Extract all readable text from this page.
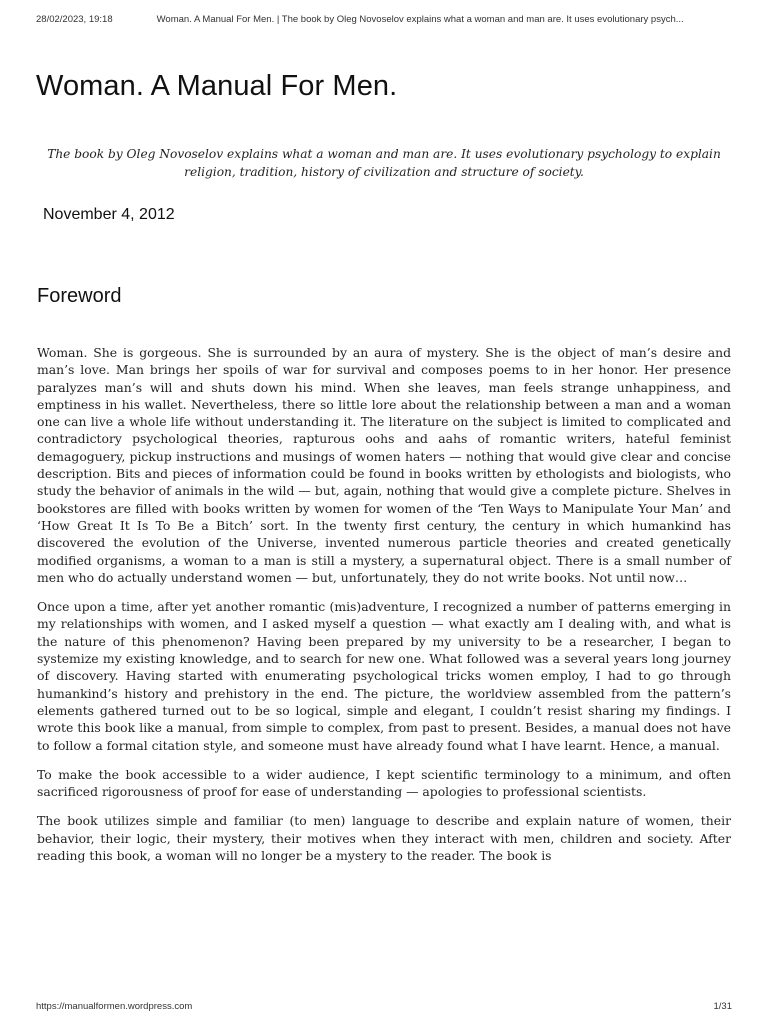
28/02/2023, 19:18	Woman. A Manual For Men. | The book by Oleg Novoselov explains what a woman and man are. It uses evolutionary psych...
Woman. A Manual For Men.

The book by Oleg Novoselov explains what a woman and man are. It uses evolutionary psychology to explain religion, tradition, history of civilization and structure of society.

November 4, 2012
Foreword

Woman. She is gorgeous. She is surrounded by an aura of mystery. She is the object of man’s desire and man’s love. Man brings her spoils of war for survival and composes poems to in her honor. Her presence paralyzes man’s will and shuts down his mind. When she leaves, man feels strange unhappiness, and emptiness in his wallet. Nevertheless, there so little lore about the relationship between a man and a woman one can live a whole life without understanding it. The literature on the subject is limited to complicated and contradictory psychological theories, rapturous oohs and aahs of romantic writers, hateful feminist demagoguery, pickup instructions and musings of women haters — nothing that would give clear and concise description. Bits and pieces of information could be found in books written by ethologists and biologists, who study the behavior of animals in the wild — but, again, nothing that would give a complete picture. Shelves in bookstores are filled with books written by women for women of the ‘Ten Ways to Manipulate Your Man’ and ‘How Great It Is To Be a Bitch’ sort. In the twenty first century, the century in which humankind has discovered the evolution of the Universe, invented numerous particle theories and created genetically modified organisms, a woman to a man is still a mystery, a supernatural object. There is a small number of men who do actually understand women — but, unfortunately, they do not write books. Not until now…

Once upon a time, after yet another romantic (mis)adventure, I recognized a number of patterns emerging in my relationships with women, and I asked myself a question — what exactly am I dealing with, and what is the nature of this phenomenon? Having been prepared by my university to be a researcher, I began to systemize my existing knowledge, and to search for new one. What followed was a several years long journey of discovery. Having started with enumerating psychological tricks women employ, I had to go through humankind’s history and prehistory in the end. The picture, the worldview assembled from the pattern’s elements gathered turned out to be so logical, simple and elegant, I couldn’t resist sharing my findings. I wrote this book like a manual, from simple to complex, from past to present. Besides, a manual does not have to follow a formal citation style, and someone must have already found what I have learnt. Hence, a manual.

To make the book accessible to a wider audience, I kept scientific terminology to a minimum, and often sacrificed rigorousness of proof for ease of understanding — apologies to professional scientists.

The book utilizes simple and familiar (to men) language to describe and explain nature of women, their behavior, their logic, their mystery, their motives when they interact with men, children and society. After reading this book, a woman will no longer be a mystery to the reader. The book is

https://manualformen.wordpress.com	1/31
